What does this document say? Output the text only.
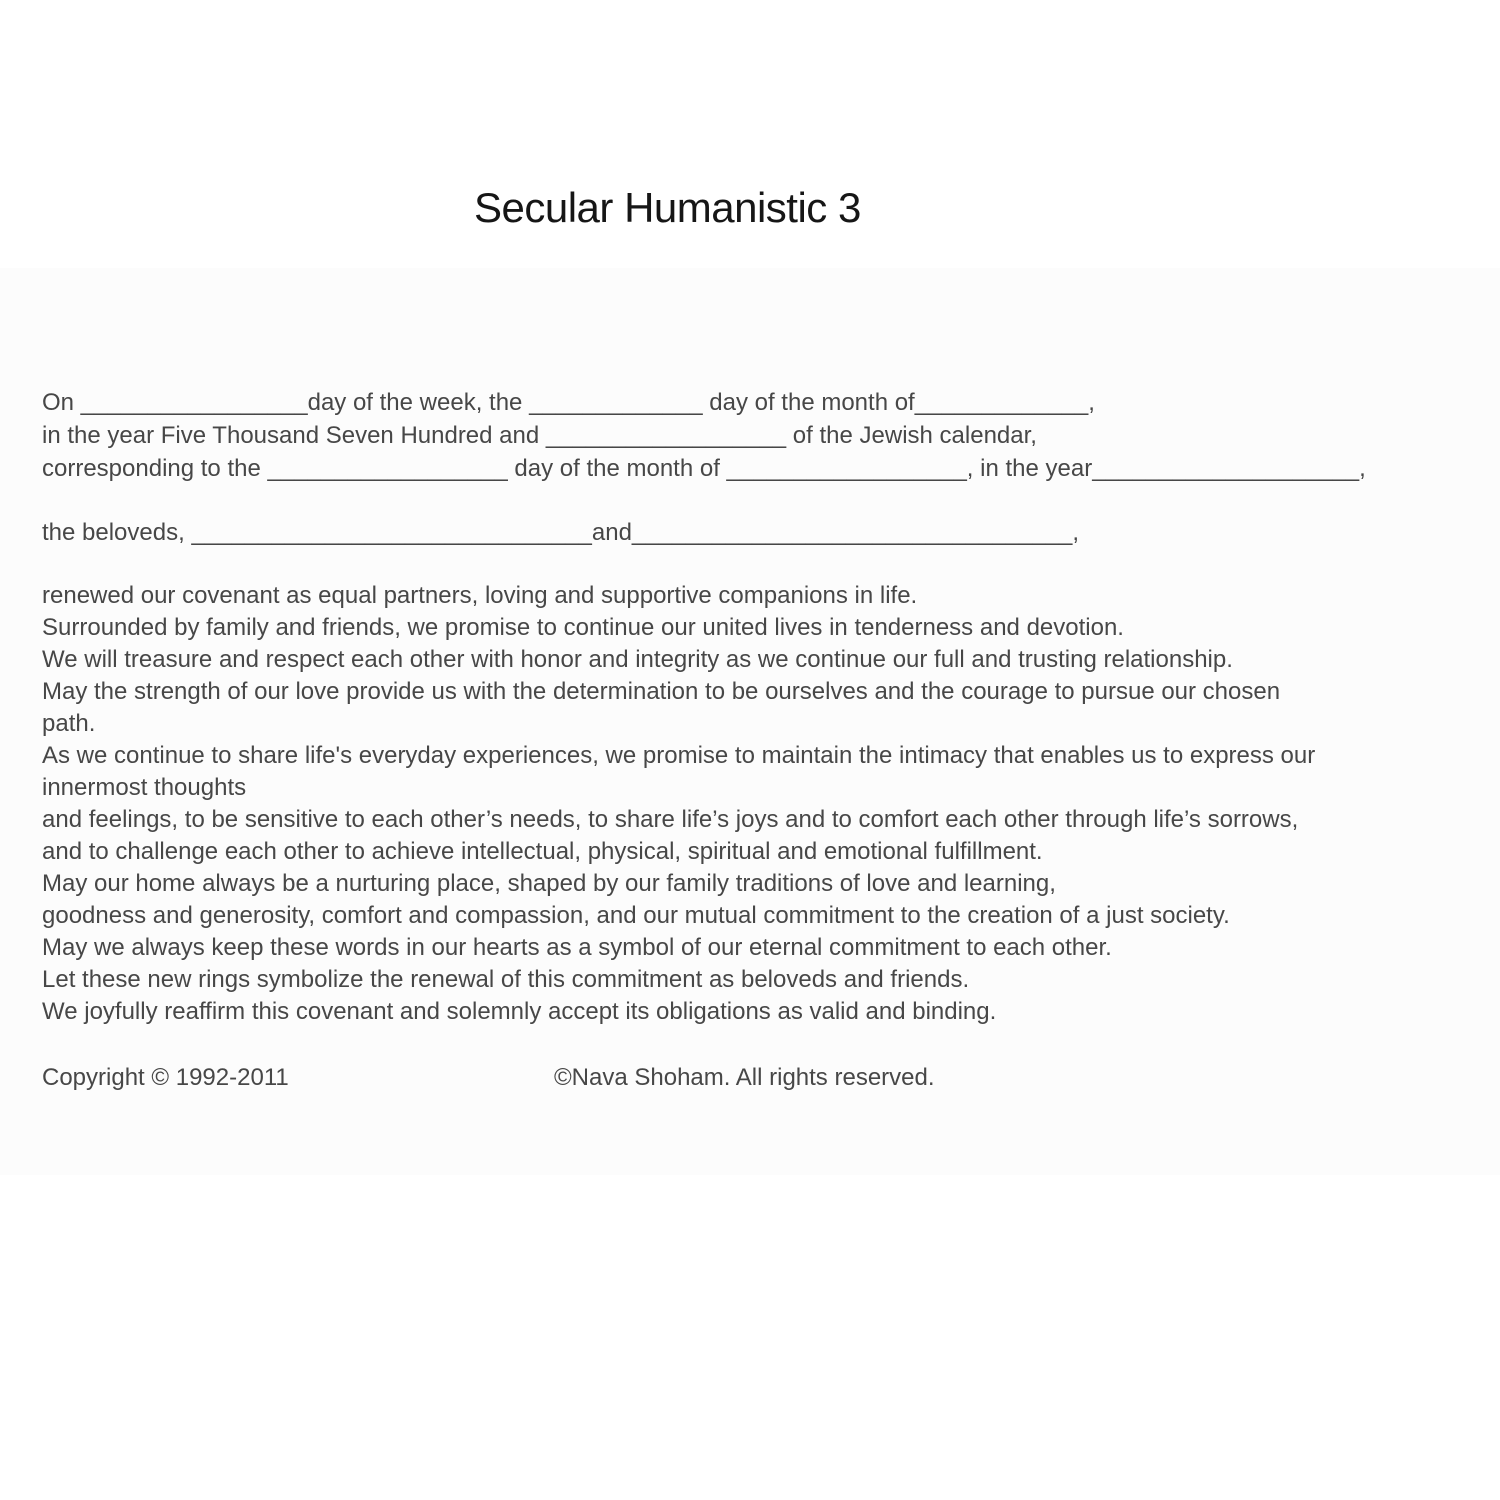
Secular Humanistic 3
On _________________day of the week, the _____________ day of the month of_____________,
in the year Five Thousand Seven Hundred and __________________ of the Jewish calendar,
corresponding to the __________________ day of the month of __________________, in the year____________________,
the beloveds, ______________________________and_________________________________,
renewed our covenant as equal partners, loving and supportive companions in life.
Surrounded by family and friends, we promise to continue our united lives in tenderness and devotion.
We will treasure and respect each other with honor and integrity as we continue our full and trusting relationship.
May the strength of our love provide us with the determination to be ourselves and the courage to pursue our chosen
path.
As we continue to share life's everyday experiences, we promise to maintain the intimacy that enables us to express our
innermost thoughts
and feelings, to be sensitive to each other’s needs, to share life’s joys and to comfort each other through life’s sorrows,
and to challenge each other to achieve intellectual, physical, spiritual and emotional fulfillment.
May our home always be a nurturing place, shaped by our family traditions of love and learning,
goodness and generosity, comfort and compassion, and our mutual commitment to the creation of a just society.
May we always keep these words in our hearts as a symbol of our eternal commitment to each other.
Let these new rings symbolize the renewal of this commitment as beloveds and friends.
We joyfully reaffirm this covenant and solemnly accept its obligations as valid and binding.
Copyright © 1992-2011	©Nava Shoham. All rights reserved.
